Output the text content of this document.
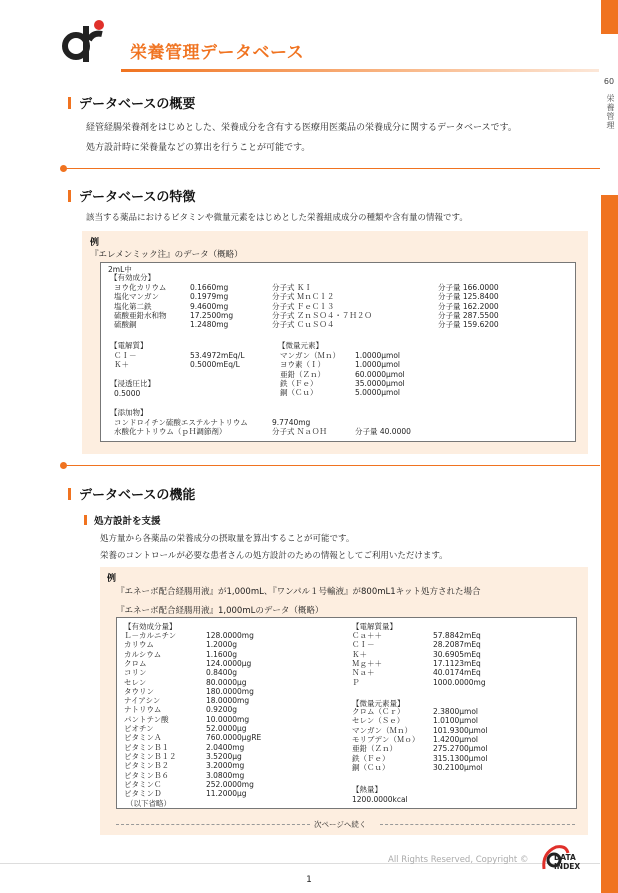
60
栄養管理
栄養管理データベース
データベースの概要
経管経腸栄養剤をはじめとした、栄養成分を含有する医療用医薬品の栄養成分に関するデータベースです。
処方設計時に栄養量などの算出を行うことが可能です。
データベースの特徴
該当する薬品におけるビタミンや微量元素をはじめとした栄養組成成分の種類や含有量の情報です。
例
『エレメンミック注』のデータ（概略）
2mL中
【有効成分】
ヨウ化カリウム	0.1660mg	分子式 ＫＩ	分子量 166.0000
塩化マンガン	0.1979mg	分子式 ＭｎＣｌ２	分子量 125.8400
塩化第二鉄	9.4600mg	分子式 ＦｅＣｌ３	分子量 162.2000
硫酸亜鉛水和物	17.2500mg	分子式 ＺｎＳＯ４・７Ｈ２Ｏ	分子量 287.5500
硫酸銅	1.2480mg	分子式 ＣｕＳＯ４	分子量 159.6200
【電解質】
ＣＩ－	53.4972mEq/L
Ｋ＋	0.5000mEq/L
【浸透圧比】
0.5000
【微量元素】
マンガン（Ｍｎ） 1.0000μmol
ヨウ素（Ｉ）	1.0000μmol
亜鉛（Ｚｎ）	60.0000μmol
鉄（Ｆｅ）	35.0000μmol
銅（Ｃｕ）	5.0000μmol
【添加物】
コンドロイチン硫酸エステルナトリウム	9.7740mg
水酸化ナトリウム（ｐＨ調節剤）	分子式 ＮａＯＨ	分子量 40.0000
データベースの機能
処方設計を支援
処方量から各薬品の栄養成分の摂取量を算出することが可能です。
栄養のコントロールが必要な患者さんの処方設計のための情報としてご利用いただけます。
例
『エネーボ配合経腸用液』が1,000mL、『ワンパル１号輸液』が800mL1キット処方された場合
『エネーボ配合経腸用液』1,000mLのデータ（概略）
【有効成分量】
Ｌ－カルニチン	128.0000mg
カリウム	1.2000g
カルシウム	1.1600g
クロム	124.0000μg
コリン	0.8400g
セレン	80.0000μg
タウリン	180.0000mg
ナイアシン	18.0000mg
ナトリウム	0.9200g
パントテン酸	10.0000mg
ビオチン	52.0000μg
ビタミンＡ	760.0000μgRE
ビタミンＢ１	2.0400mg
ビタミンＢ１２	3.5200μg
ビタミンＢ２	3.2000mg
ビタミンＢ６	3.0800mg
ビタミンＣ	252.0000mg
ビタミンＤ	11.2000μg
（以下省略）
【電解質量】
Ｃａ＋＋	57.8842mEq
ＣＩ－	28.2087mEq
Ｋ＋	30.6905mEq
Ｍｇ＋＋	17.1123mEq
Ｎａ＋	40.0174mEq
Ｐ	1000.0000mg
【微量元素量】
クロム（Ｃｒ）	2.3800μmol
セレン（Ｓｅ）	1.0100μmol
マンガン（Ｍｎ）	101.9300μmol
モリブデン（Ｍｏ） 1.4200μmol
亜鉛（Ｚｎ）	275.2700μmol
鉄（Ｆｅ）	315.1300μmol
銅（Ｃｕ）	30.2100μmol
【熱量】
1200.0000kcal
次ページへ続く
All Rights Reserved, Copyright ©	DATA INDEX
1
